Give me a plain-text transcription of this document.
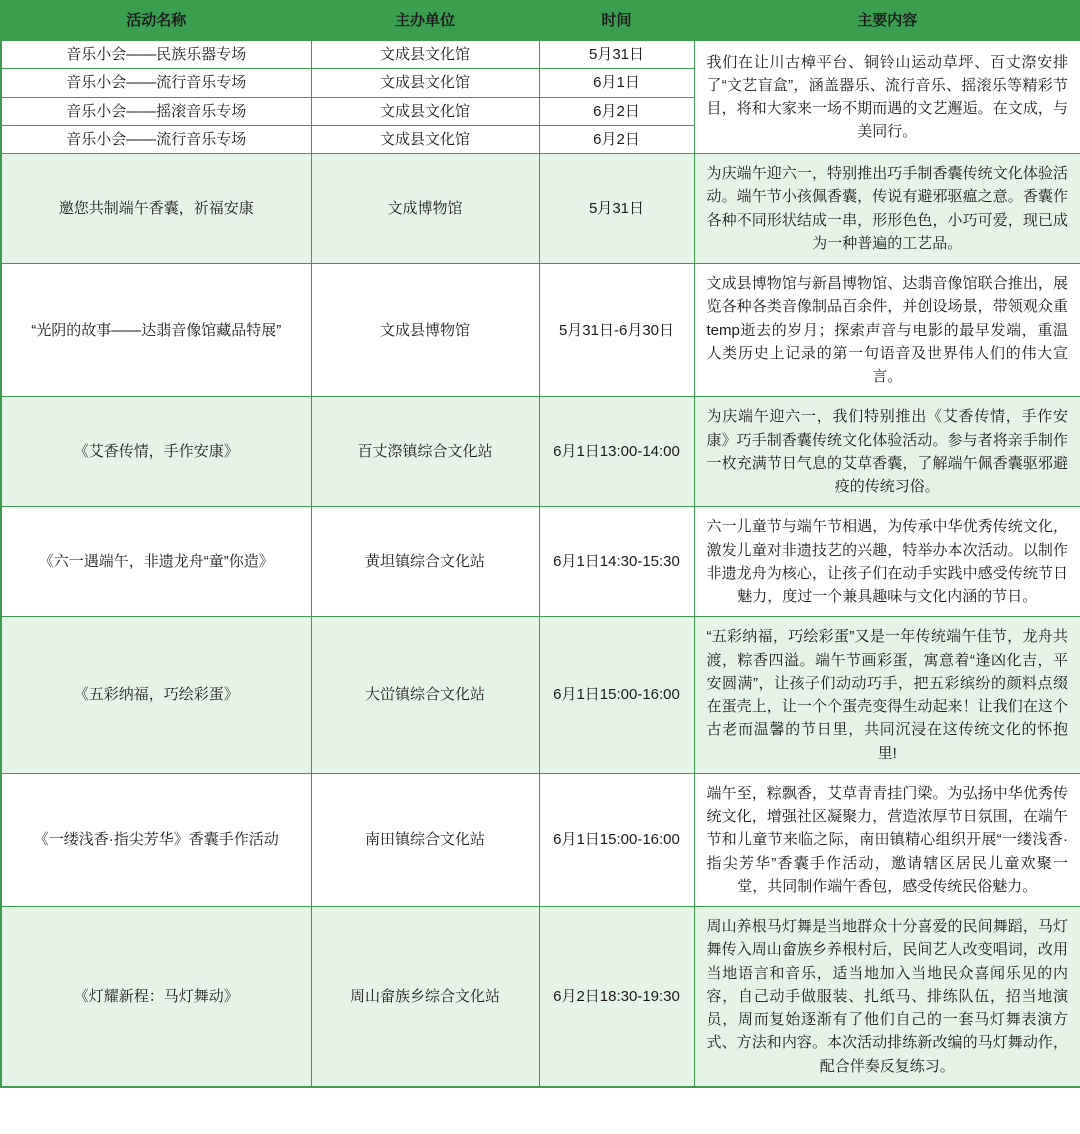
活动名称	主办单位	时间	主要内容
音乐小会——民族乐器专场	文成县文化馆	5月31日	我们在让川古樟平台、铜铃山运动草坪、百丈漈安排了“文艺盲盒”，涵盖器乐、流行音乐、摇滚乐等精彩节目，将和大家来一场不期而遇的文艺邂逅。在文成，与美同行。
音乐小会——流行音乐专场	文成县文化馆	6月1日	
音乐小会——摇滚音乐专场	文成县文化馆	6月2日	
音乐小会——流行音乐专场	文成县文化馆	6月2日	
邀您共制端午香囊，祈福安康	文成博物馆	5月31日	为庆端午迎六一，特别推出巧手制香囊传统文化体验活动。端午节小孩佩香囊，传说有避邪驱瘟之意。香囊作各种不同形状结成一串，形形色色，小巧可爱，现已成为一种普遍的工艺品。
“光阴的故事——达翡音像馆藏品特展”	文成县博物馆	5月31日-6月30日	文成县博物馆与新昌博物馆、达翡音像馆联合推出，展览各种各类音像制品百余件，并创设场景，带领观众重temp逝去的岁月；探索声音与电影的最早发端，重温人类历史上记录的第一句语音及世界伟人们的伟大宣言。
《艾香传情，手作安康》	百丈漈镇综合文化站	6月1日13:00-14:00	为庆端午迎六一，我们特别推出《艾香传情，手作安康》巧手制香囊传统文化体验活动。参与者将亲手制作一枚充满节日气息的艾草香囊，了解端午佩香囊驱邪避疫的传统习俗。
《六一遇端午，非遗龙舟“童”你造》	黄坦镇综合文化站	6月1日14:30-15:30	六一儿童节与端午节相遇，为传承中华优秀传统文化，激发儿童对非遗技艺的兴趣，特举办本次活动。以制作非遗龙舟为核心，让孩子们在动手实践中感受传统节日魅力，度过一个兼具趣味与文化内涵的节日。
《五彩纳福，巧绘彩蛋》	大峃镇综合文化站	6月1日15:00-16:00	“五彩纳福，巧绘彩蛋”又是一年传统端午佳节，龙舟共渡，粽香四溢。端午节画彩蛋，寓意着“逢凶化吉，平安圆满”，让孩子们动动巧手，把五彩缤纷的颜料点缀在蛋壳上，让一个个蛋壳变得生动起来！让我们在这个古老而温馨的节日里，共同沉浸在这传统文化的怀抱里!
《一缕浅香·指尖芳华》香囊手作活动	南田镇综合文化站	6月1日15:00-16:00	端午至，粽飘香，艾草青青挂门梁。为弘扬中华优秀传统文化，增强社区凝聚力，营造浓厚节日氛围，在端午节和儿童节来临之际，南田镇精心组织开展“一缕浅香·指尖芳华”香囊手作活动，邀请辖区居民儿童欢聚一堂，共同制作端午香包，感受传统民俗魅力。
《灯耀新程：马灯舞动》	周山畲族乡综合文化站	6月2日18:30-19:30	周山养根马灯舞是当地群众十分喜爱的民间舞蹈，马灯舞传入周山畲族乡养根村后，民间艺人改变唱词，改用当地语言和音乐，适当地加入当地民众喜闻乐见的内容，自己动手做服装、扎纸马、排练队伍，招当地演员，周而复始逐渐有了他们自己的一套马灯舞表演方式、方法和内容。本次活动排练新改编的马灯舞动作，配合伴奏反复练习。
